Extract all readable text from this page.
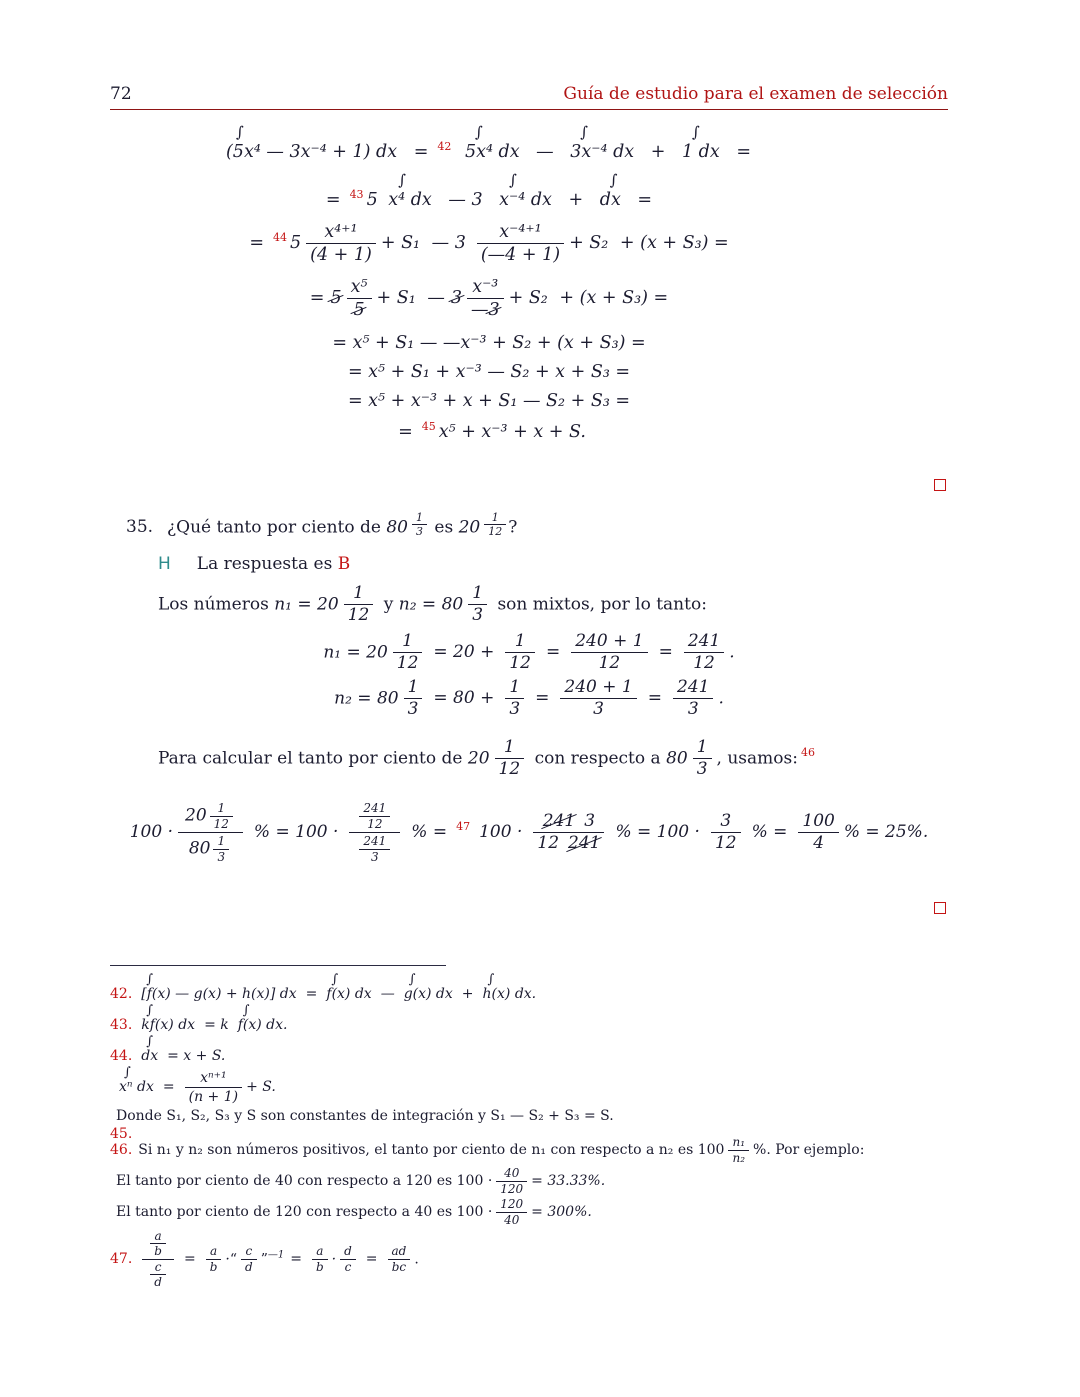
72	Guía de estudio para el examen de selección
∫
(5x⁴ — 3x⁻⁴ + 1) dx = $^{42}$
∫
5x⁴ dx —
∫
3x⁻⁴ dx +
∫
1 dx =
= $^{43}$ 5
∫
x⁴ dx — 3
∫
x⁻⁴ dx +
∫
dx =
= $^{44}$ $5 \frac{\text{x⁴⁺¹}}{(4 + 1)} + S_1$ — $3 \frac{\text{x⁻⁴⁺¹}}{(—4 + 1)} + S_2 + (x + S_3)$ =
= $5 \frac{\text{x⁵}}{5} + S_1$ — $3 \frac{\text{x⁻³}}{—3} + S_2 + (x + S_3)$ =
= x⁵ + S₁ — —x⁻³ + S₂ + (x + S₃) =
= x⁵ + S₁ + x⁻³ — S₂ + x + S₃ =
= x⁵ + x⁻³ + x + S₁ — S₂ + S₃ =
= $^{45}$ x⁵ + x⁻³ + x + S.
35. ¿Qué tanto por ciento de $80 \frac{1}{3}$ es $20 \frac{1}{12}$ ?
H La respuesta es B
Los números $n_1 = 20 \frac{1}{12}$ y $n_2 = 80 \frac{1}{3}$ son mixtos, por lo tanto:
$n_1 = 20 \frac{1}{12} = 20 + \frac{1}{12} = \frac{240 + 1}{12} = \frac{241}{12}$ .
$n_2 = 80 \frac{1}{3} = 80 + \frac{1}{3} = \frac{240 + 1}{3} = \frac{241}{3}$ .
Para calcular el tanto por ciento de $20 \frac{1}{12}$ con respecto a $80 \frac{1}{3}$ , usamos: $^{46}$
$100 \cdot \frac{20 \frac{1}{12}}{80 \frac{1}{3}}$ % = $100 \cdot \frac{\frac{241}{12}}{\frac{241}{3}}$ % = $^{47}$ $100 \cdot \frac{241 3}{12 241}$ % = $100 \cdot \frac{3}{12}$ % = $\frac{100}{4}$ % = 25%.
42.
∫
[f(x) — g(x) + h(x)] dx =
∫
f(x) dx —
∫
g(x) dx +
∫
h(x) dx.
43.
∫
kf(x) dx = k
∫
f(x) dx.
44.
∫
dx = x + S.
∫
xⁿ dx = $\frac{\text{xⁿ⁺¹}}{(n + 1)} + S$.
Donde S₁, S₂, S₃ y S son constantes de integración y S₁ — S₂ + S₃ = S.
45.
46. Si n₁ y n₂ son números positivos, el tanto por ciento de n₁ con respecto a n₂ es $100 \frac{\text{n₁}}{\text{n₂}}$ %. Por ejemplo:
El tanto por ciento de 40 con respecto a 120 es $100 \cdot \frac{40}{120} = 33.33\%$.
El tanto por ciento de 120 con respecto a 40 es $100 \cdot \frac{120}{40} = 300\%$.
47. $\frac{\frac{a}{b}}{\frac{c}{d}} = \frac{a}{b}$ ·“ $\frac{c}{d}$ ”$^{—1}$ = $\frac{a}{b} \cdot \frac{d}{c} = \frac{ad}{bc}$ .
